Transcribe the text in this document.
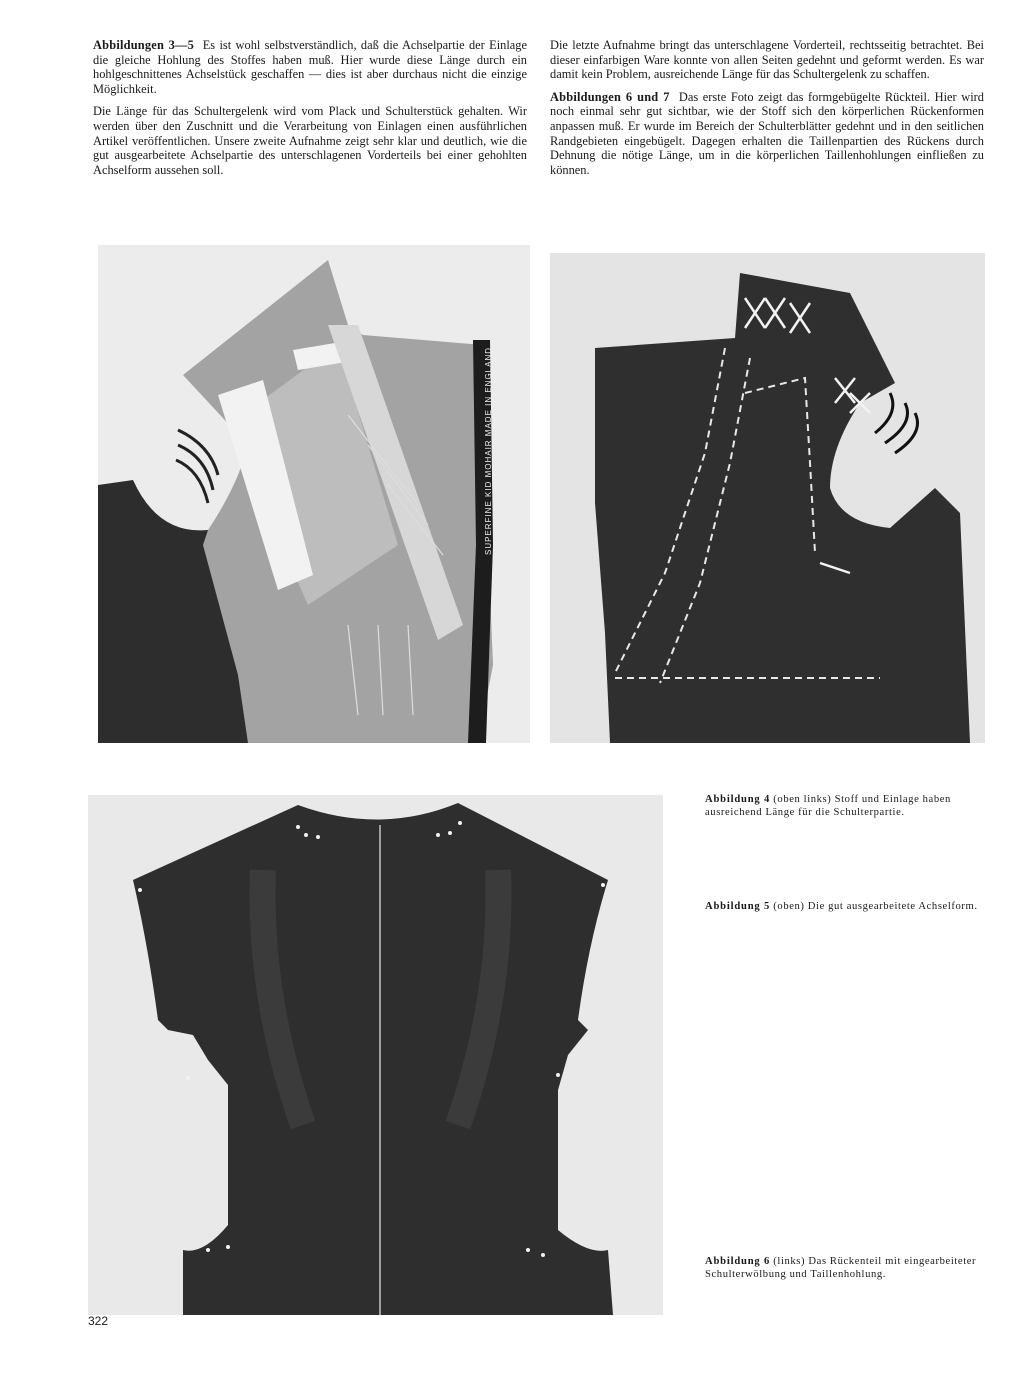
Abbildungen 3—5 Es ist wohl selbstverständlich, daß die Achselpartie der Einlage die gleiche Hohlung des Stoffes haben muß. Hier wurde diese Länge durch ein hohlgeschnittenes Achselstück geschaffen — dies ist aber durchaus nicht die einzige Möglichkeit.

Die Länge für das Schultergelenk wird vom Plack und Schulterstück gehalten. Wir werden über den Zuschnitt und die Verarbeitung von Einlagen einen ausführlichen Artikel veröffentlichen. Unsere zweite Aufnahme zeigt sehr klar und deutlich, wie die gut ausgearbeitete Achselpartie des unterschlagenen Vorderteils bei einer gehohlten Achselform aussehen soll.

Die letzte Aufnahme bringt das unterschlagene Vorderteil, rechtsseitig betrachtet. Bei dieser einfarbigen Ware konnte von allen Seiten gedehnt und geformt werden. Es war damit kein Problem, ausreichende Länge für das Schultergelenk zu schaffen.

Abbildungen 6 und 7 Das erste Foto zeigt das formgebügelte Rückteil. Hier wird noch einmal sehr gut sichtbar, wie der Stoff sich den körperlichen Rückenformen anpassen muß. Er wurde im Bereich der Schulterblätter gedehnt und in den seitlichen Randgebieten eingebügelt. Dagegen erhalten die Taillenpartien des Rückens durch Dehnung die nötige Länge, um in die körperlichen Taillenhohlungen einfließen zu können.

SUPERFINE KID MOHAIR MADE IN ENGLAND
Abbildung 4 (oben links) Stoff und Einlage haben ausreichend Länge für die Schulterpartie.
Abbildung 5 (oben) Die gut ausgearbeitete Achselform.
Abbildung 6 (links) Das Rückenteil mit eingearbeiteter Schulterwölbung und Taillenhohlung.
322
